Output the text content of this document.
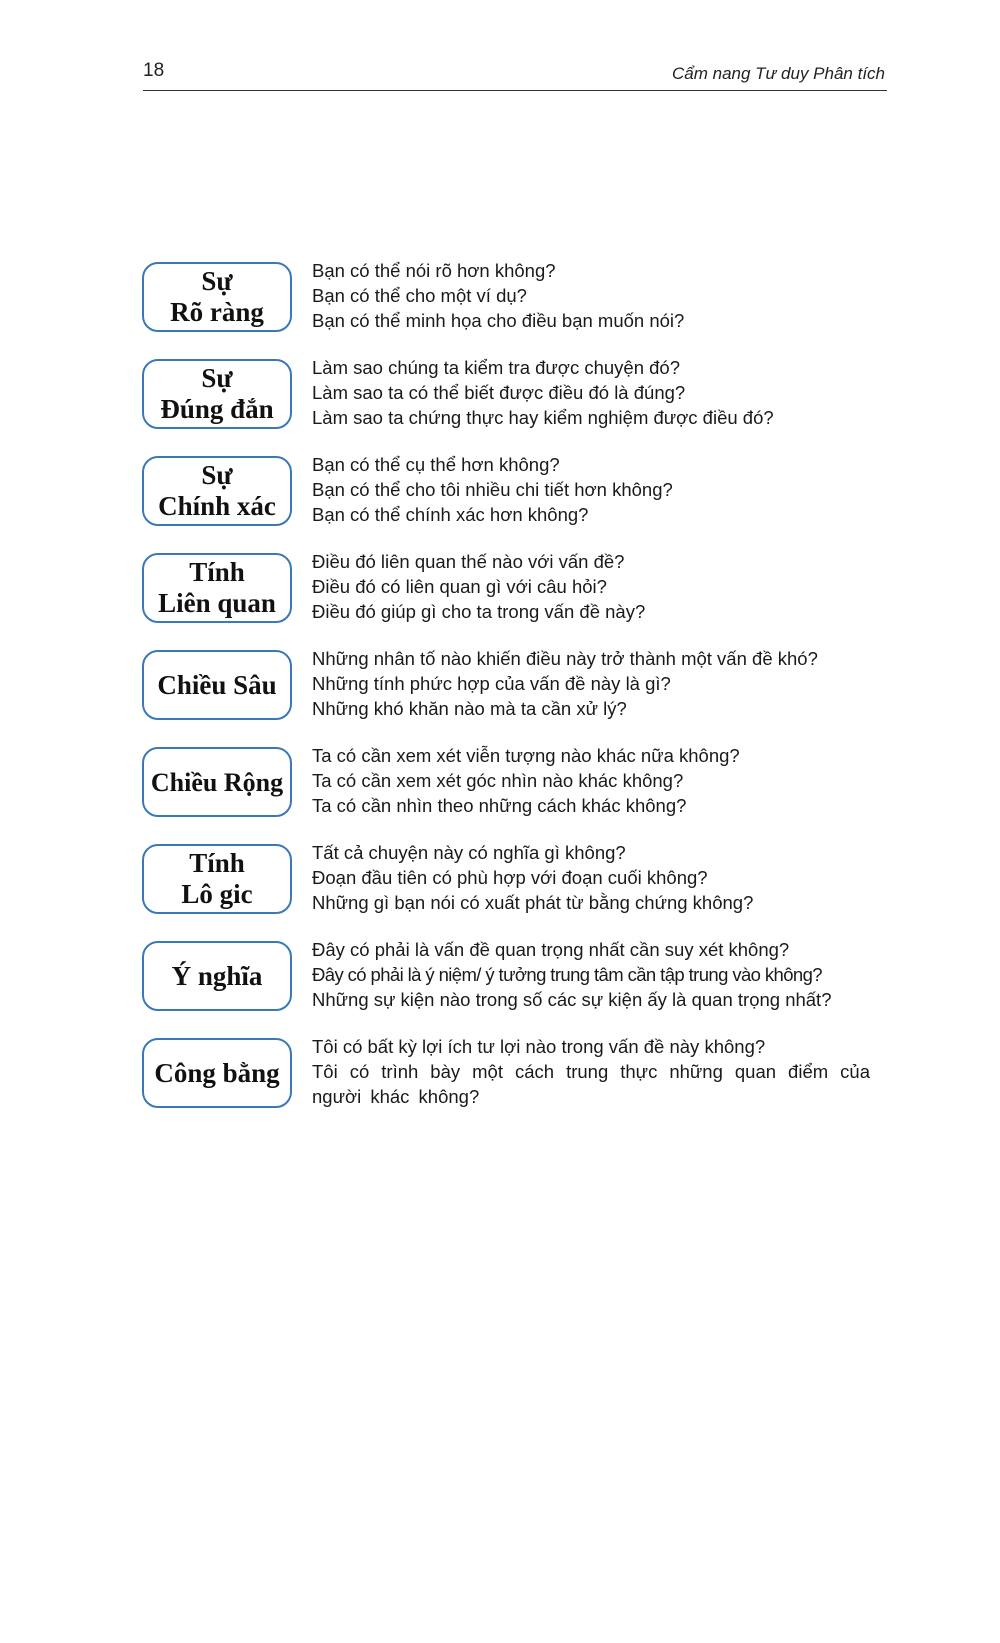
18	Cẩm nang Tư duy Phân tích
Sự
Rõ ràng
Bạn có thể nói rõ hơn không?
Bạn có thể cho một ví dụ?
Bạn có thể minh họa cho điều bạn muốn nói?
Sự
Đúng đắn
Làm sao chúng ta kiểm tra được chuyện đó?
Làm sao ta có thể biết được điều đó là đúng?
Làm sao ta chứng thực hay kiểm nghiệm được điều đó?
Sự
Chính xác
Bạn có thể cụ thể hơn không?
Bạn có thể cho tôi nhiều chi tiết hơn không?
Bạn có thể chính xác hơn không?
Tính
Liên quan
Điều đó liên quan thế nào với vấn đề?
Điều đó có liên quan gì với câu hỏi?
Điều đó giúp gì cho ta trong vấn đề này?
Chiều Sâu
Những nhân tố nào khiến điều này trở thành một vấn đề khó?
Những tính phức hợp của vấn đề này là gì?
Những khó khăn nào mà ta cần xử lý?
Chiều Rộng
Ta có cần xem xét viễn tượng nào khác nữa không?
Ta có cần xem xét góc nhìn nào khác không?
Ta có cần nhìn theo những cách khác không?
Tính
Lô gic
Tất cả chuyện này có nghĩa gì không?
Đoạn đầu tiên có phù hợp với đoạn cuối không?
Những gì bạn nói có xuất phát từ bằng chứng không?
Ý nghĩa
Đây có phải là vấn đề quan trọng nhất cần suy xét không?
Đây có phải là ý niệm/ ý tưởng trung tâm cần tập trung vào không?
Những sự kiện nào trong số các sự kiện ấy là quan trọng nhất?
Công bằng
Tôi có bất kỳ lợi ích tư lợi nào trong vấn đề này không?
Tôi có trình bày một cách trung thực những quan điểm của người khác không?
